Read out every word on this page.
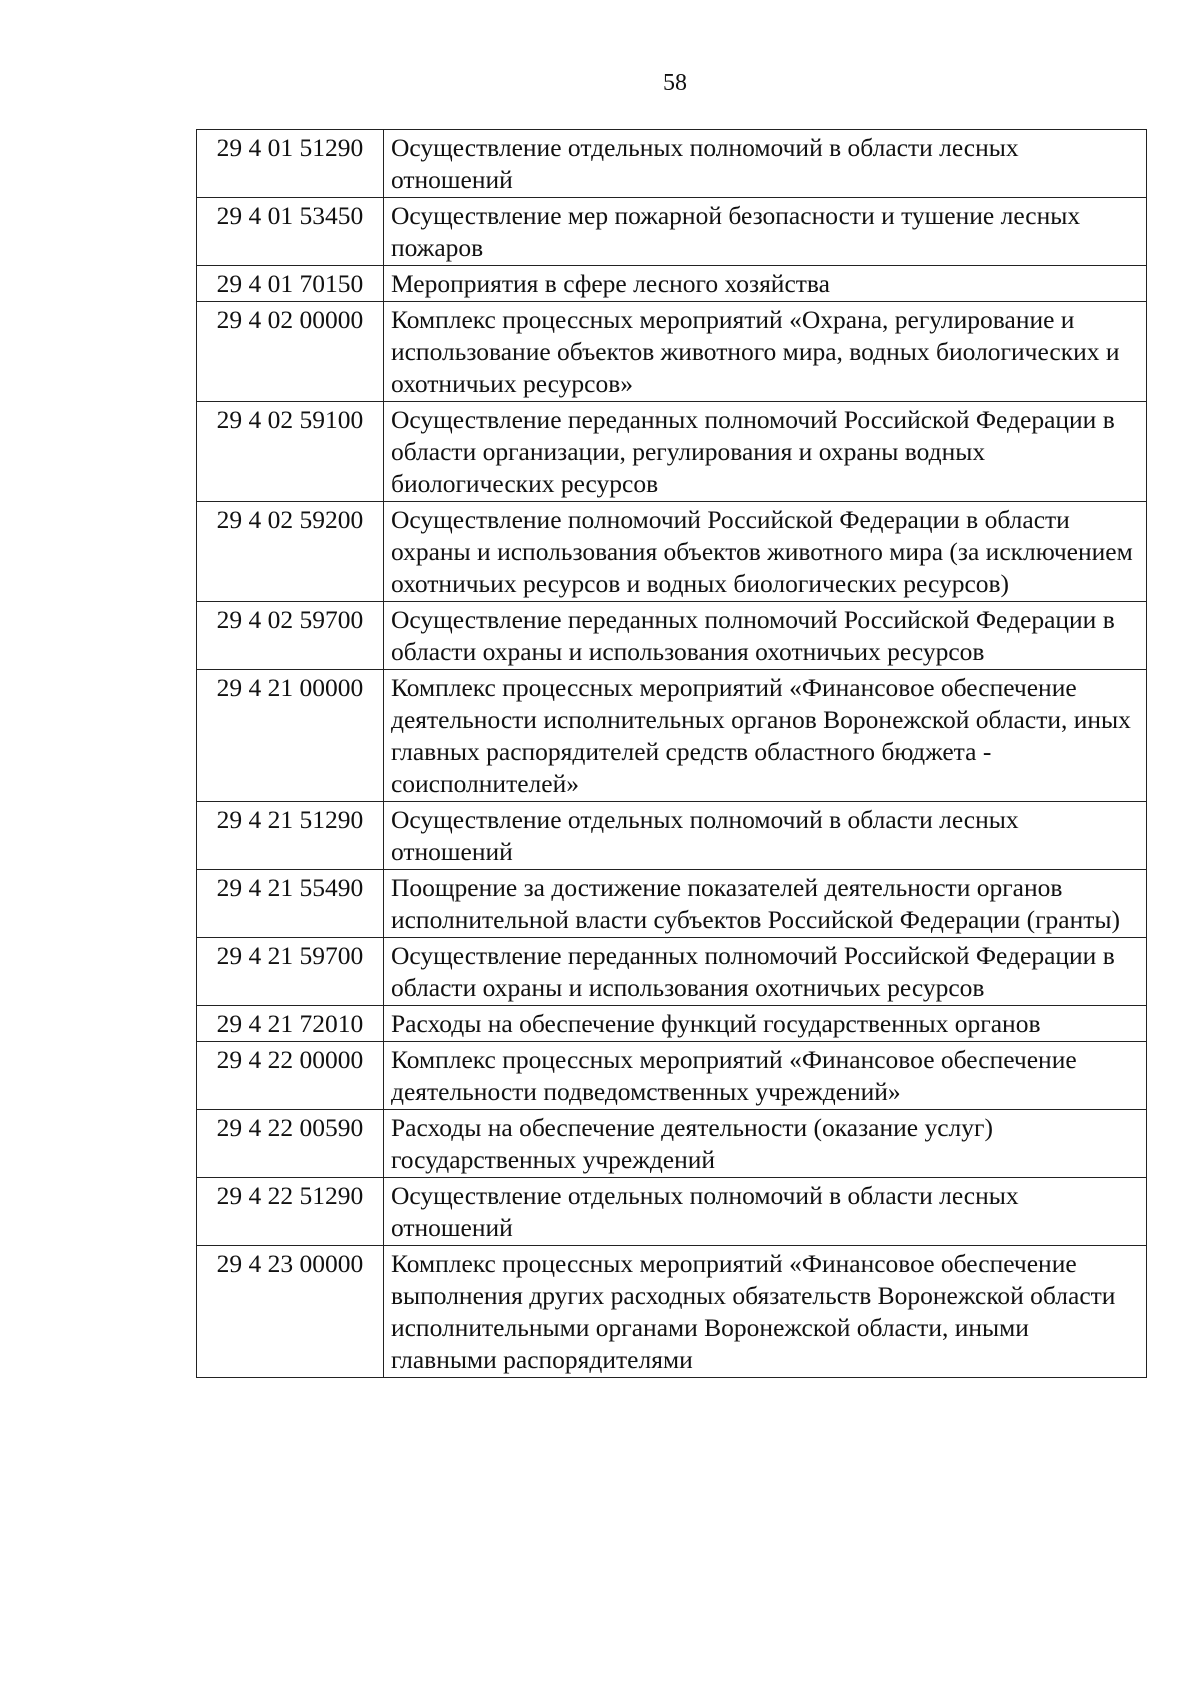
58
29 4 01 51290	Осуществление отдельных полномочий в области лесных отношений
29 4 01 53450	Осуществление мер пожарной безопасности и тушение лесных пожаров
29 4 01 70150	Мероприятия в сфере лесного хозяйства
29 4 02 00000	Комплекс процессных мероприятий «Охрана, регулирование и использование объектов животного мира, водных биологических и охотничьих ресурсов»
29 4 02 59100	Осуществление переданных полномочий Российской Федерации в области организации, регулирования и охраны водных биологических ресурсов
29 4 02 59200	Осуществление полномочий Российской Федерации в области охраны и использования объектов животного мира (за исключением охотничьих ресурсов и водных биологических ресурсов)
29 4 02 59700	Осуществление переданных полномочий Российской Федерации в области охраны и использования охотничьих ресурсов
29 4 21 00000	Комплекс процессных мероприятий «Финансовое обеспечение деятельности исполнительных органов Воронежской области, иных главных распорядителей средств областного бюджета - соисполнителей»
29 4 21 51290	Осуществление отдельных полномочий в области лесных отношений
29 4 21 55490	Поощрение за достижение показателей деятельности органов исполнительной власти субъектов Российской Федерации (гранты)
29 4 21 59700	Осуществление переданных полномочий Российской Федерации в области охраны и использования охотничьих ресурсов
29 4 21 72010	Расходы на обеспечение функций государственных органов
29 4 22 00000	Комплекс процессных мероприятий «Финансовое обеспечение деятельности подведомственных учреждений»
29 4 22 00590	Расходы на обеспечение деятельности (оказание услуг) государственных учреждений
29 4 22 51290	Осуществление отдельных полномочий в области лесных отношений
29 4 23 00000	Комплекс процессных мероприятий «Финансовое обеспечение выполнения других расходных обязательств Воронежской области исполнительными органами Воронежской области, иными главными распорядителями
